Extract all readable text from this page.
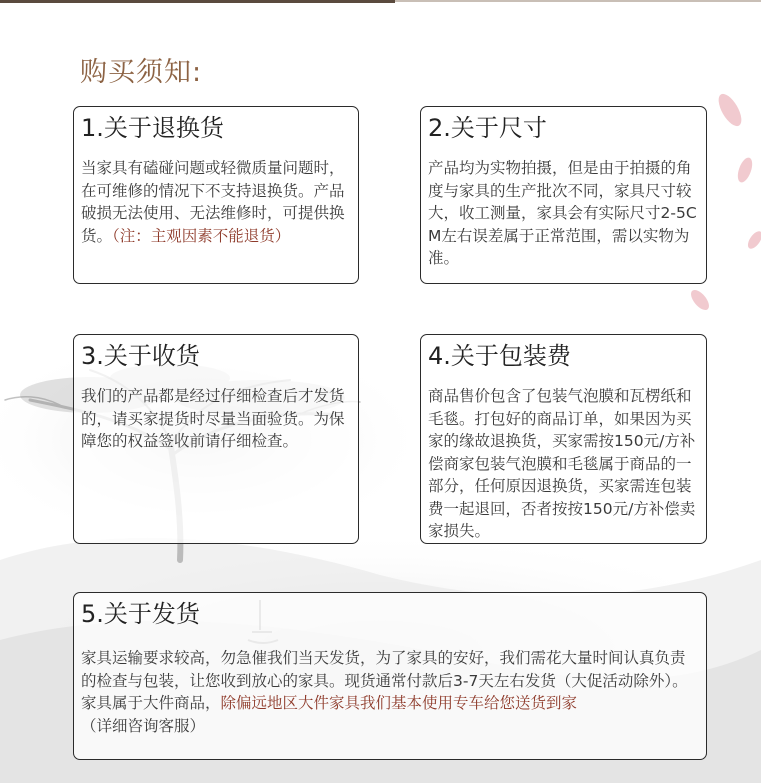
购买须知:
1.关于退换货

当家具有磕碰问题或轻微质量问题时，在可维修的情况下不支持退换货。产品破损无法使用、无法维修时，可提供换货。（注：主观因素不能退货）

2.关于尺寸

产品均为实物拍摄，但是由于拍摄的角度与家具的生产批次不同，家具尺寸较大，收工测量，家具会有实际尺寸2-5CM左右误差属于正常范围，需以实物为准。

3.关于收货

我们的产品都是经过仔细检查后才发货的，请买家提货时尽量当面验货。为保障您的权益签收前请仔细检查。

4.关于包装费

商品售价包含了包装气泡膜和瓦楞纸和毛毯。打包好的商品订单，如果因为买家的缘故退换货，买家需按150元/方补偿商家包装气泡膜和毛毯属于商品的一部分，任何原因退换货，买家需连包装费一起退回，否者按按150元/方补偿卖家损失。

5.关于发货

家具运输要求较高，勿急催我们当天发货，为了家具的安好，我们需花大量时间认真负责的检查与包装，让您收到放心的家具。现货通常付款后3-7天左右发货（大促活动除外）。家具属于大件商品，除偏远地区大件家具我们基本使用专车给您送货到家（详细咨询客服）
